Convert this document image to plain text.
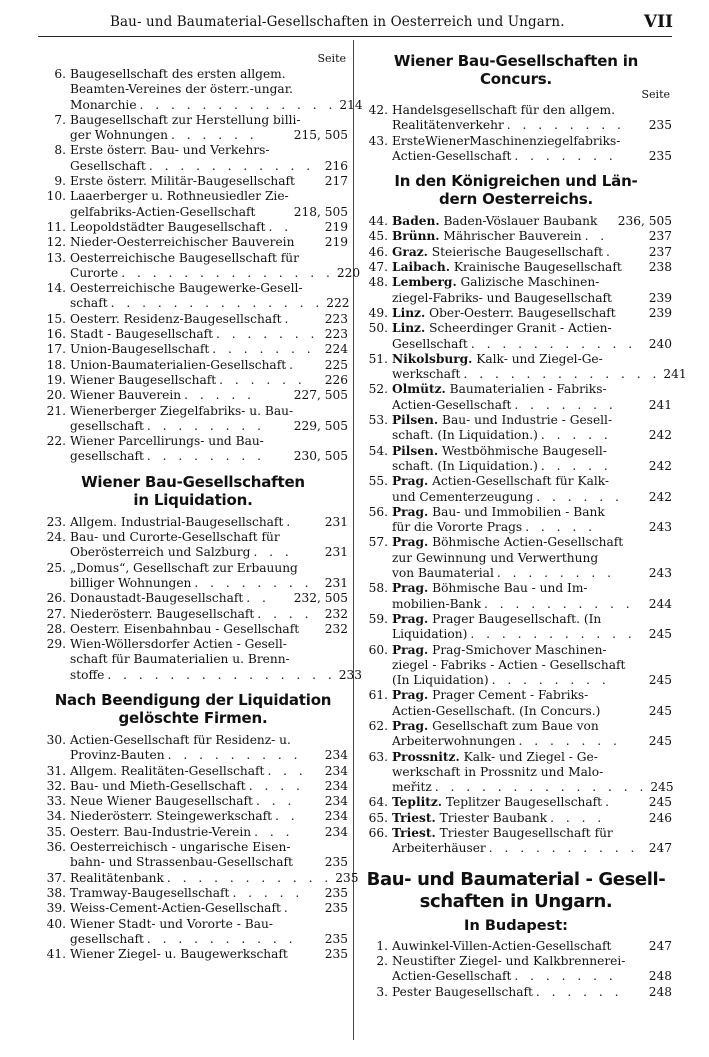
Bau- und Baumaterial-Gesellschaften in Oesterreich und Ungarn.	VII
Seite
6. Baugesellschaft des ersten allgem.
Beamten-Vereines der österr.-ungar.
Monarchie . . . . . . . . . . . . . 214
7. Baugesellschaft zur Herstellung billi-
ger Wohnungen . . . . . .	215, 505
8. Erste österr. Bau- und Verkehrs-
Gesellschaft . . . . . . . . . . . 216
9. Erste österr. Militär-Baugesellschaft 217
10. Laaerberger u. Rothneusiedler Zie-
gelfabriks-Actien-Gesellschaft	218, 505
11. Leopoldstädter Baugesellschaft . .	219
12. Nieder-Oesterreichischer Bauverein 219
13. Oesterreichische Baugesellschaft für
Curorte . . . . . . . . . . . . . . 220
14. Oesterreichische Baugewerke-Gesell-
schaft . . . . . . . . . . . . . . 222
15. Oesterr. Residenz-Baugesellschaft .	223
16. Stadt - Baugesellschaft . . . . . . . 223
17. Union-Baugesellschaft . . . . . . . 224
18. Union-Baumaterialien-Gesellschaft .	225
19. Wiener Baugesellschaft . . . . . .	226
20. Wiener Bauverein . . . . .	227, 505
21. Wienerberger Ziegelfabriks- u. Bau-
gesellschaft . . . . . . . .	229, 505
22. Wiener Parcellirungs- und Bau-
gesellschaft . . . . . . . .	230, 505
Wiener Bau-Gesellschaften
in Liquidation.
23. Allgem. Industrial-Baugesellschaft .	231
24. Bau- und Curorte-Gesellschaft für
Oberösterreich und Salzburg . . .	231
25. „Domus“, Gesellschaft zur Erbauung
billiger Wohnungen . . . . . . . .	231
26. Donaustadt-Baugesellschaft . .	232, 505
27. Niederösterr. Baugesellschaft . . . .	232
28. Oesterr. Eisenbahnbau - Gesellschaft 232
29. Wien-Wöllersdorfer Actien - Gesell-
schaft für Baumaterialien u. Brenn-
stoffe . . . . . . . . . . . . . . . 233
Nach Beendigung der Liquidation
gelöschte Firmen.
30. Actien-Gesellschaft für Residenz- u.
Provinz-Bauten . . . . . . . . .	234
31. Allgem. Realitäten-Gesellschaft . . .	234
32. Bau- und Mieth-Gesellschaft . . . .	234
33. Neue Wiener Baugesellschaft . . .	234
34. Niederösterr. Steingewerkschaft . .	234
35. Oesterr. Bau-Industrie-Verein . . .	234
36. Oesterreichisch - ungarische Eisen-
bahn- und Strassenbau-Gesellschaft	235
37. Realitätenbank . . . . . . . . . . . 235
38. Tramway-Baugesellschaft . . . . .	235
39. Weiss-Cement-Actien-Gesellschaft .	235
40. Wiener Stadt- und Vororte - Bau-
gesellschaft . . . . . . . . . .	235
41. Wiener Ziegel- u. Baugewerkschaft	235
Wiener Bau-Gesellschaften in
Concurs.
Seite
42. Handelsgesellschaft für den allgem.
Realitätenverkehr . . . . . . . .	235
43. ErsteWienerMaschinenziegelfabriks-
Actien-Gesellschaft . . . . . . .	235
In den Königreichen und Län-
dern Oesterreichs.
44. Baden. Baden-Vöslauer Baubank 236, 505
45. Brünn. Mährischer Bauverein . .	237
46. Graz. Steierische Baugesellschaft .	237
47. Laibach. Krainische Baugesellschaft 238
48. Lemberg. Galizische Maschinen-
ziegel-Fabriks- und Baugesellschaft	239
49. Linz. Ober-Oesterr. Baugesellschaft	239
50. Linz. Scheerdinger Granit - Actien-
Gesellschaft . . . . . . . . . . .	240
51. Nikolsburg. Kalk- und Ziegel-Ge-
werkschaft . . . . . . . . . . . . . 241
52. Olmütz. Baumaterialien - Fabriks-
Actien-Gesellschaft . . . . . . .	241
53. Pilsen. Bau- und Industrie - Gesell-
schaft. (In Liquidation.) . . . . .	242
54. Pilsen. Westböhmische Baugesell-
schaft. (In Liquidation.) . . . . .	242
55. Prag. Actien-Gesellschaft für Kalk-
und Cementerzeugung . . . . . .	242
56. Prag. Bau- und Immobilien - Bank
für die Vororte Prags . . . . .	243
57. Prag. Böhmische Actien-Gesellschaft
zur Gewinnung und Verwerthung
von Baumaterial . . . . . . . .	243
58. Prag. Böhmische Bau - und Im-
mobilien-Bank . . . . . . . . . .	244
59. Prag. Prager Baugesellschaft. (In
Liquidation) . . . . . . . . . . .	245
60. Prag. Prag-Smichover Maschinen-
ziegel - Fabriks - Actien - Gesellschaft
(In Liquidation) . . . . . . . .	245
61. Prag. Prager Cement - Fabriks-
Actien-Gesellschaft. (In Concurs.)	245
62. Prag. Gesellschaft zum Baue von
Arbeiterwohnungen . . . . . . .	245
63. Prossnitz. Kalk- und Ziegel - Ge-
werkschaft in Prossnitz und Malo-
meřitz . . . . . . . . . . . . . . 245
64. Teplitz. Teplitzer Baugesellschaft .	245
65. Triest. Triester Baubank . . . .	246
66. Triest. Triester Baugesellschaft für
Arbeiterhäuser . . . . . . . . . . 247
Bau- und Baumaterial - Gesell-
schaften in Ungarn.
In Budapest:
1. Auwinkel-Villen-Actien-Gesellschaft	247
2. Neustifter Ziegel- und Kalkbrennerei-
Actien-Gesellschaft . . . . . . .	248
3. Pester Baugesellschaft . . . . . .	248
